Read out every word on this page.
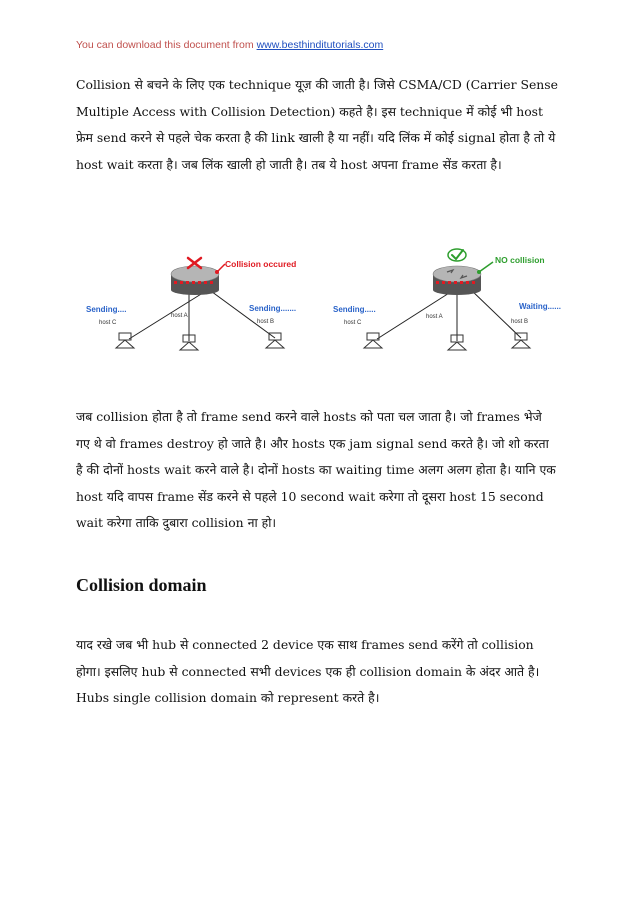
You can download this document from www.besthinditutorials.com

Collision से बचने के लिए एक technique यूज़ की जाती है। जिसे CSMA/CD (Carrier Sense Multiple Access with Collision Detection) कहते है। इस technique में कोई भी host फ्रेम send करने से पहले चेक करता है की link खाली है या नहीं। यदि लिंक में कोई signal होता है तो ये host wait करता है। जब लिंक खाली हो जाती है। तब ये host अपना frame सेंड करता है।

Collision occured
Sending....
host C
host A
Sending.......
host B
NO collision
Sending.....
host C
host A
Waiting......
host B

जब collision होता है तो frame send करने वाले hosts को पता चल जाता है। जो frames भेजे गए थे वो frames destroy हो जाते है। और hosts एक jam signal send करते है। जो शो करता है की दोनों hosts wait करने वाले है। दोनों hosts का waiting time अलग अलग होता है। यानि एक host यदि वापस frame सेंड करने से पहले 10 second wait करेगा तो दूसरा host 15 second wait करेगा ताकि दुबारा collision ना हो।

Collision domain

याद रखे जब भी hub से connected 2 device एक साथ frames send करेंगे तो collision होगा। इसलिए hub से connected सभी devices एक ही collision domain के अंदर आते है। Hubs single collision domain को represent करते है।
